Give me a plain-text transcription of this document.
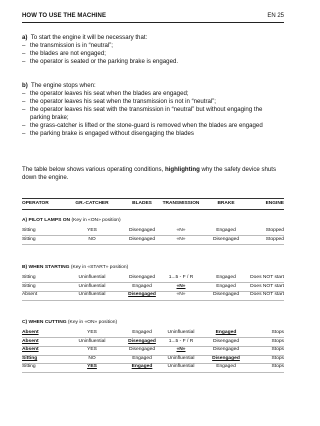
HOW TO USE THE MACHINE	EN 25

a) To start the engine it will be necessary that:

– the transmission is in “neutral”;
– the blades are not engaged;
– the operator is seated or the parking brake is engaged.

b) The engine stops when:

– the operator leaves his seat when the blades are engaged;
– the operator leaves his seat when the transmission is not in “neutral”;
– the operator leaves his seat with the transmission in “neutral” but without engaging the parking brake;
– the grass-catcher is lifted or the stone-guard is removed when the blades are engaged
– the parking brake is engaged without disengaging the blades

The table below shows various operating conditions, highlighting why the safety device shuts down the engine.

OPERATOR	GR.-CATCHER	BLADES	TRANSMISSION	BRAKE	ENGINE
A) PILOT LAMPS ON (Key in «ON» position)
Sitting	YES	Disengaged	«N»	Engaged	Stopped
Sitting	NO	Disengaged	«N»	Disengaged	Stopped
B) WHEN STARTING (Key in «START» position)
Sitting	Uninfluential	Disengaged	1...5 - F / R	Engaged	Does NOT start
Sitting	Uninfluential	Engaged	«N»	Engaged	Does NOT start
Absent	Uninfluential	Disengaged	«N»	Disengaged	Does NOT start
C) WHEN CUTTING (Key in «ON» position)
Absent	YES	Engaged	Uninfluential	Engaged	Stops
Absent	Uninfluential	Disengaged	1...5 - F / R	Disengaged	Stops
Absent	YES	Disengaged	«N»	Disengaged	Stops
Sitting	NO	Engaged	Uninfluential	Disengaged	Stops
Sitting	YES	Engaged	Uninfluential	Engaged	Stops
